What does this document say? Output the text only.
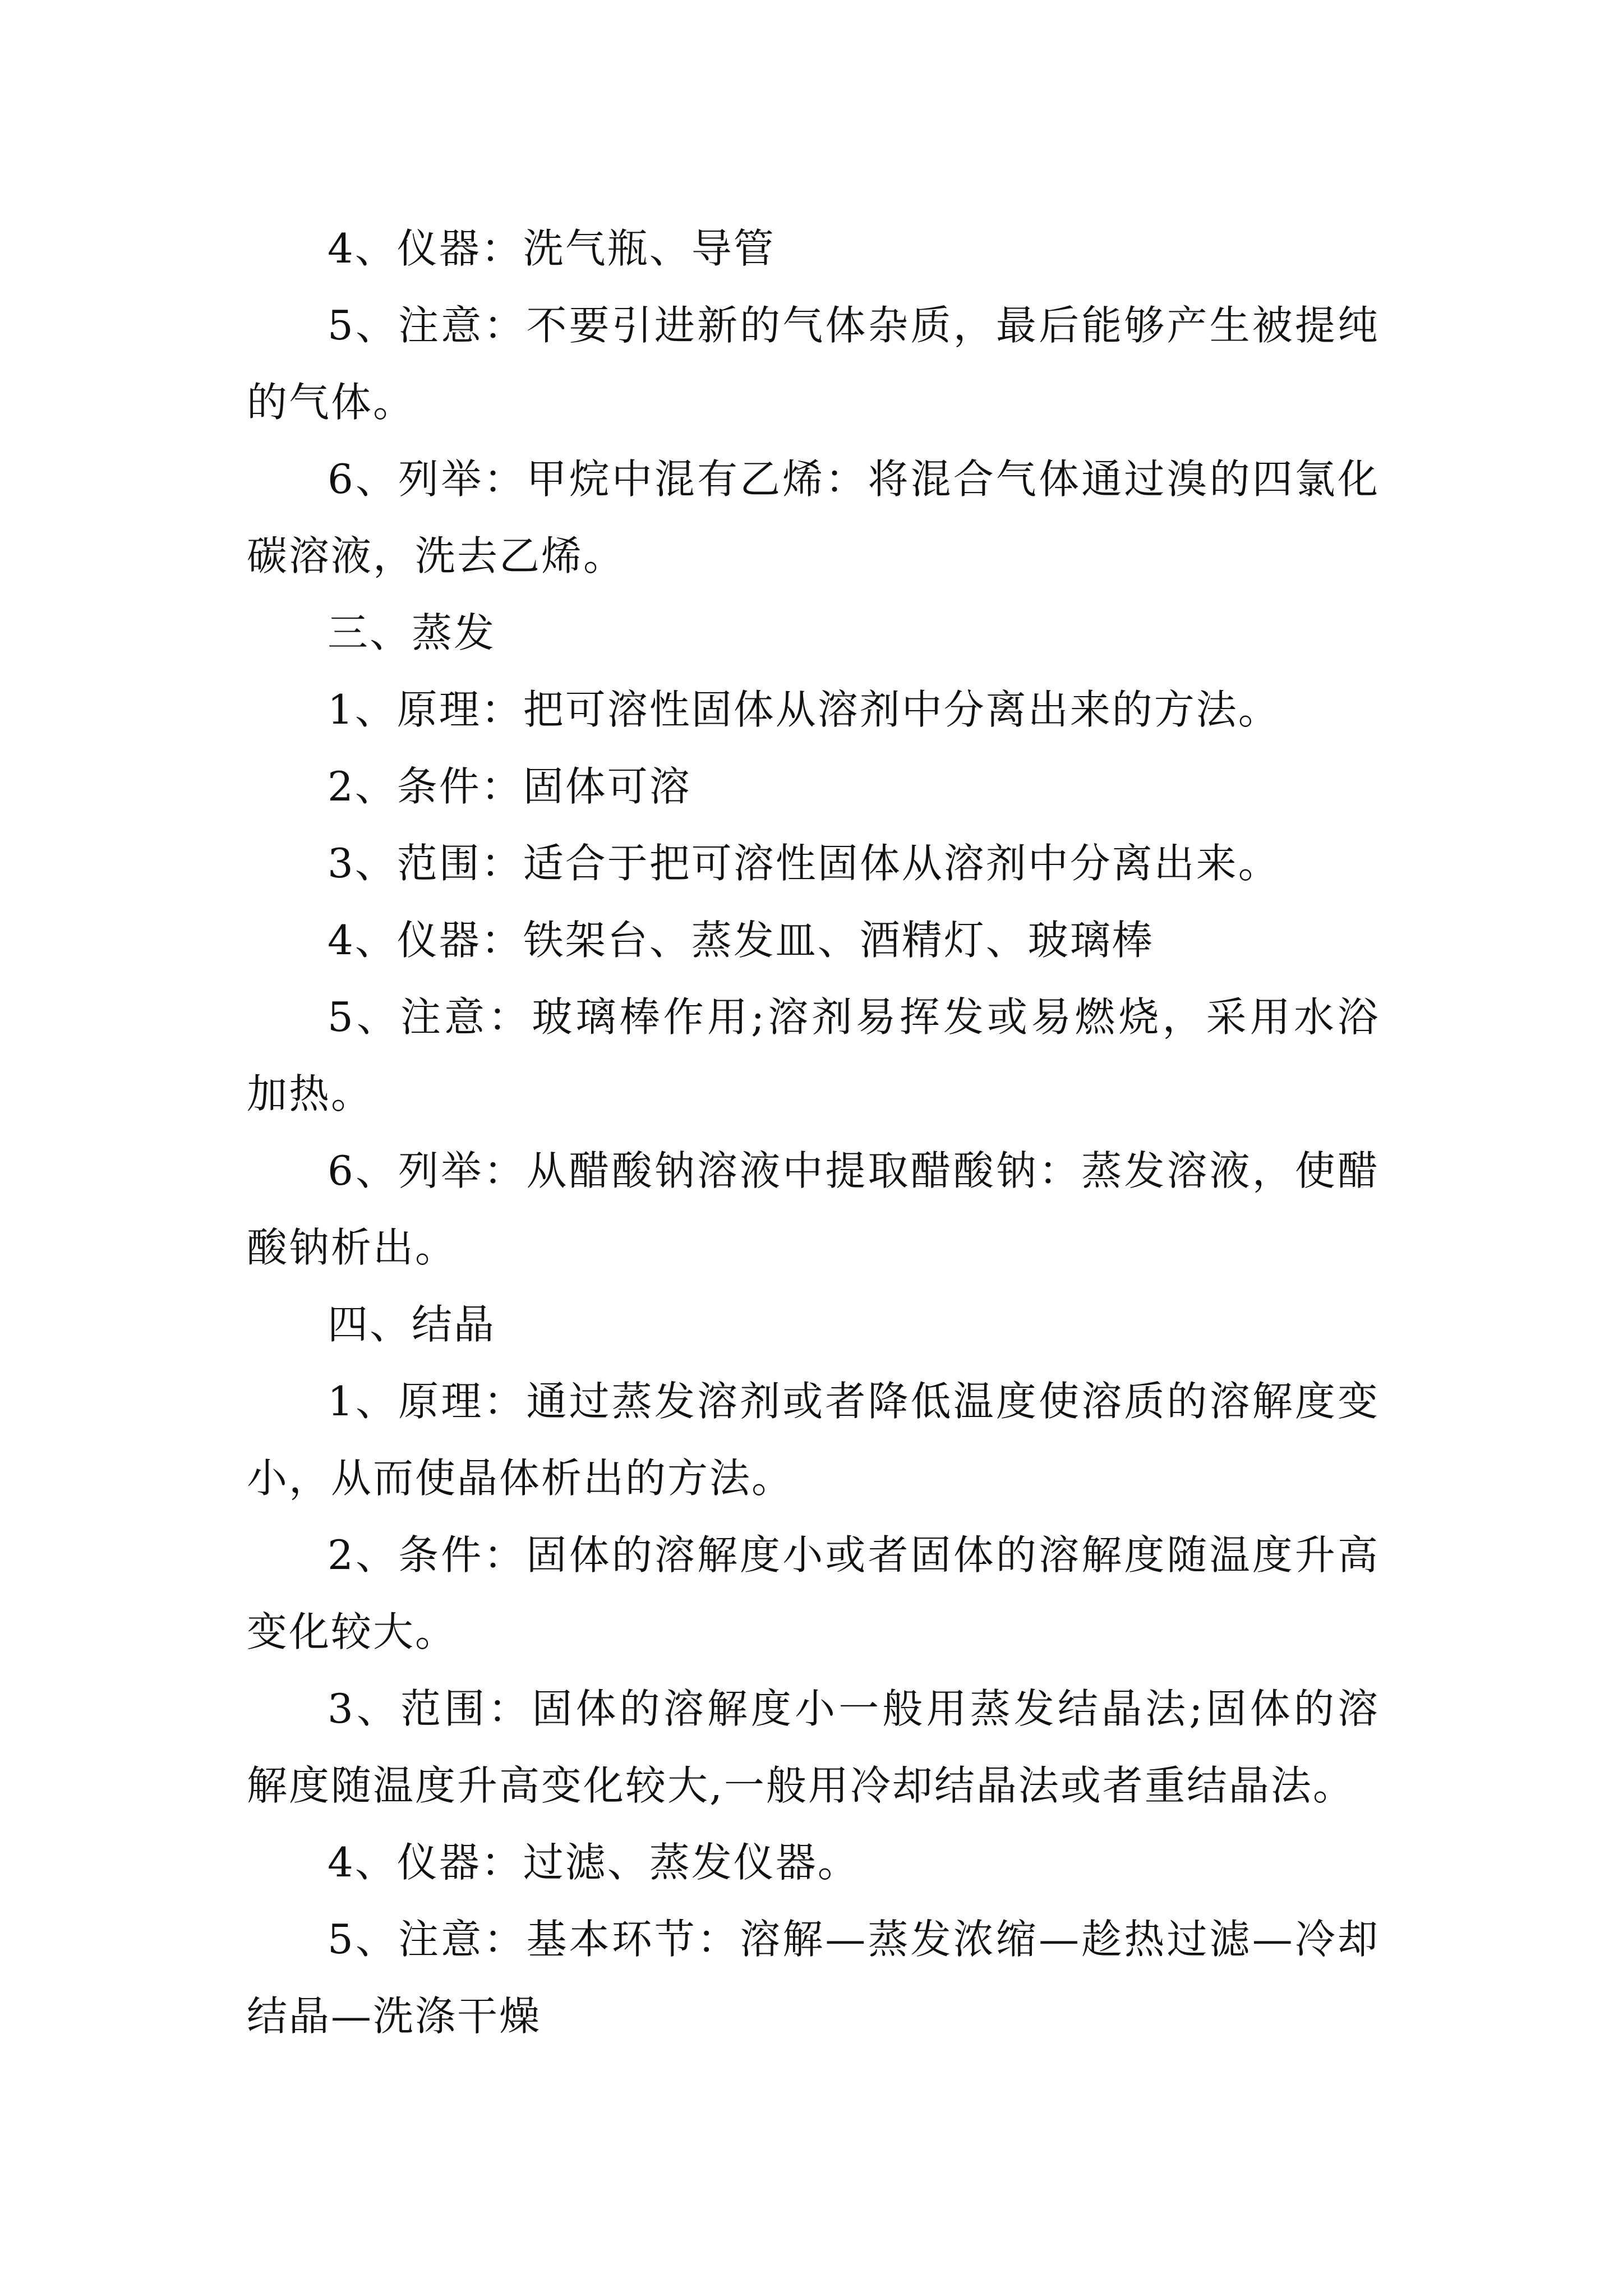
4、仪器：洗气瓶、导管

5、注意：不要引进新的气体杂质，最后能够产生被提纯的气体。

6、列举：甲烷中混有乙烯：将混合气体通过溴的四氯化碳溶液，洗去乙烯。

三、蒸发

1、原理：把可溶性固体从溶剂中分离出来的方法。

2、条件：固体可溶

3、范围：适合于把可溶性固体从溶剂中分离出来。

4、仪器：铁架台、蒸发皿、酒精灯、玻璃棒

5、注意：玻璃棒作用;溶剂易挥发或易燃烧，采用水浴加热。

6、列举：从醋酸钠溶液中提取醋酸钠：蒸发溶液，使醋酸钠析出。

四、结晶

1、原理：通过蒸发溶剂或者降低温度使溶质的溶解度变小，从而使晶体析出的方法。

2、条件：固体的溶解度小或者固体的溶解度随温度升高变化较大。

3、范围：固体的溶解度小一般用蒸发结晶法;固体的溶解度随温度升高变化较大,一般用冷却结晶法或者重结晶法。

4、仪器：过滤、蒸发仪器。

5、注意：基本环节：溶解—蒸发浓缩—趁热过滤—冷却结晶—洗涤干燥
